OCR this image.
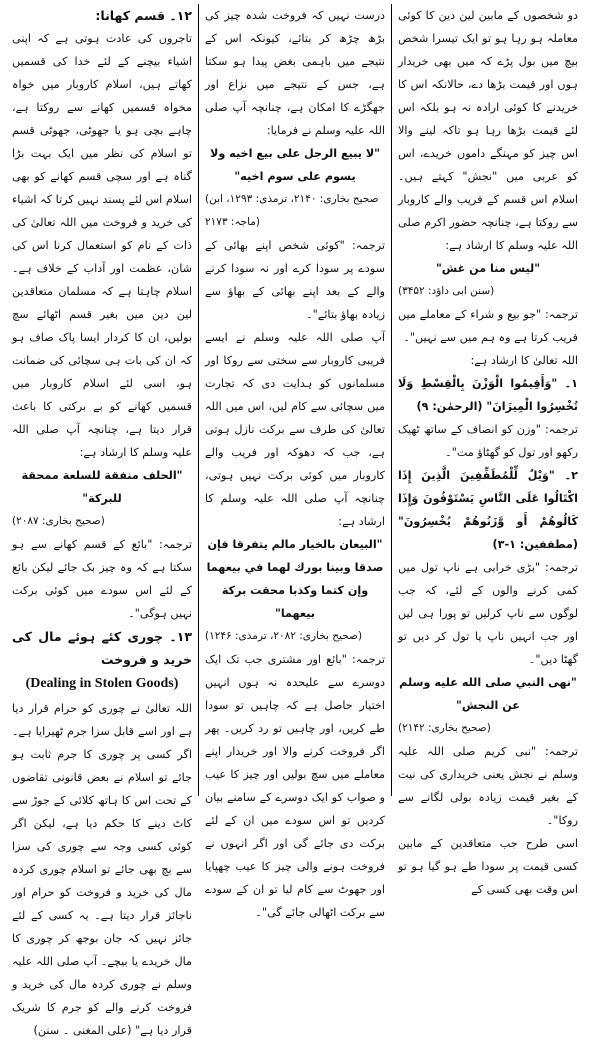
دو شخصوں کے مابین لین دین کا کوئی معاملہ ہو رہا ہو تو ایک تیسرا شخص بیچ میں بول پڑے کہ میں بھی خریدار ہوں اور قیمت بڑھا دے، حالانکہ اس کا خریدنے کا کوئی ارادہ نہ ہو بلکہ اس لئے قیمت بڑھا رہا ہو تاکہ لینے والا اس چیز کو مہنگے داموں خریدے، اس کو عربی میں "نجش" کہتے ہیں۔ اسلام اس قسم کے فریب والے کاروبار سے روکتا ہے، چنانچہ حضور اکرم صلی اللہ علیہ وسلم کا ارشاد ہے:

"لیس منا من غش"

(سنن ابی داؤد: ۳۴۵۲)

ترجمہ: "جو بیع و شراء کے معاملے میں فریب کرتا ہے وہ ہم میں سے نہیں"۔

اللہ تعالیٰ کا ارشاد ہے:

۱۔ "وَأَقِيمُوا الْوَزْنَ بِالْقِسْطِ وَلَا تُخْسِرُوا الْمِيزَانَ" (الرحمٰن: ۹)

ترجمہ: "وزن کو انصاف کے ساتھ ٹھیک رکھو اور تول کو گھٹاؤ مت"۔

۲۔ "وَيْلٌ لِّلْمُطَفِّفِينَ الَّذِينَ إِذَا اكْتَالُوا عَلَى النَّاسِ يَسْتَوْفُونَ وَإِذَا كَالُوهُمْ أَو وَّزَنُوهُمْ يُخْسِرُونَ" (مطففین: ۱-۳)

ترجمہ: "بڑی خرابی ہے ناپ تول میں کمی کرنے والوں کے لئے، کہ جب لوگوں سے ناپ کرلیں تو پورا ہی لیں اور جب انہیں ناپ یا تول کر دیں تو گھٹا دیں"۔

"نهى النبي صلى الله عليه وسلم عن النجش"

(صحیح بخاری: ۲۱۴۲)

ترجمہ: "نبی کریم صلی اللہ علیہ وسلم نے نجش یعنی خریداری کی نیت کے بغیر قیمت زیادہ بولی لگانے سے روکا"۔

اسی طرح جب متعاقدین کے مابین کسی قیمت پر سودا طے ہو گیا ہو تو اس وقت بھی کسی کے

درست نہیں کہ فروخت شدہ چیز کی بڑھ چڑھ کر بتائے، کیونکہ اس کے نتیجے میں باہمی بغض پیدا ہو سکتا ہے، جس کے نتیجے میں نزاع اور جھگڑے کا امکان ہے، چنانچہ آپ صلی اللہ علیہ وسلم نے فرمایا:

"لا يبيع الرجل على بيع اخيه ولا يسوم على سوم اخيه"

(صحیح بخاری: ۲۱۴۰، ترمذی: ۱۲۹۳، ابن ماجہ: ۲۱۷۳)

ترجمہ: "کوئی شخص اپنے بھائی کے سودے پر سودا کرے اور نہ سودا کرنے والے کے بعد اپنے بھائی کے بھاؤ سے زیادہ بھاؤ بتائے"۔

آپ صلی اللہ علیہ وسلم نے ایسے فریبی کاروبار سے سختی سے روکا اور مسلمانوں کو ہدایت دی کہ تجارت میں سچائی سے کام لیں، اس میں اللہ تعالیٰ کی طرف سے برکت نازل ہوتی ہے، جب کہ دھوکہ اور فریب والے کاروبار میں کوئی برکت نہیں ہوتی، چنانچہ آپ صلی اللہ علیہ وسلم کا ارشاد ہے:

"البيعان بالخيار مالم يتفرقا فإن صدقا وبينا بورك لهما في بيعهما وإن كتما وكذبا محقت بركة بيعهما"

(صحیح بخاری: ۲۰۸۲، ترمذی: ۱۲۴۶)

ترجمہ: "بائع اور مشتری جب تک ایک دوسرے سے علیحدہ نہ ہوں انہیں اختیار حاصل ہے کہ چاہیں تو سودا طے کریں، اور چاہیں تو رد کریں۔ پھر اگر فروخت کرنے والا اور خریدار اپنے معاملے میں سچ بولیں اور چیز کا عیب و صواب کو ایک دوسرے کے سامنے بیان کردیں تو اس سودے میں ان کے لئے برکت دی جائے گی اور اگر انہوں نے فروخت ہونے والی چیز کا عیب چھپایا اور جھوٹ سے کام لیا تو ان کے سودے سے برکت اٹھالی جائے گی"۔

۱۲۔ قسم کھانا:

تاجروں کی عادت ہوتی ہے کہ اپنی اشیاء بیچنے کے لئے خدا کی قسمیں کھاتے ہیں، اسلام کاروبار میں خواہ مخواہ قسمیں کھانے سے روکتا ہے، چاہے بچی ہو یا جھوٹی، جھوٹی قسم تو اسلام کی نظر میں ایک بہت بڑا گناہ ہے اور سچی قسم کھانے کو بھی اسلام اس لئے پسند نہیں کرتا کہ اشیاء کی خرید و فروخت میں اللہ تعالیٰ کی ذات کے نام کو استعمال کرنا اس کی شان، عظمت اور آداب کے خلاف ہے۔ اسلام چاہتا ہے کہ مسلمان متعاقدین لین دین میں بغیر قسم اٹھائے سچ بولیں، ان کا کردار ایسا پاک صاف ہو کہ ان کی بات ہی سچائی کی ضمانت ہو، اسی لئے اسلام کاروبار میں قسمیں کھانے کو بے برکتی کا باعث قرار دیتا ہے، چنانچہ آپ صلی اللہ علیہ وسلم کا ارشاد ہے:

"الحلف منفقة للسلعة ممحقة للبركة"

(صحیح بخاری: ۲۰۸۷)

ترجمہ: "بائع کے قسم کھانے سے ہو سکتا ہے کہ وہ چیز بک جائے لیکن بائع کے لئے اس سودے میں کوئی برکت نہیں ہوگی"۔

۱۳۔ چوری کئے ہوئے مال کی خرید و فروخت

(Dealing in Stolen Goods)

اللہ تعالیٰ نے چوری کو حرام قرار دیا ہے اور اسے قابل سزا جرم ٹھیرایا ہے۔ اگر کسی پر چوری کا جرم ثابت ہو جائے تو اسلام نے بعض قانونی تقاضوں کے تحت اس کا ہاتھ کلائی کے جوڑ سے کاٹ دینے کا حکم دیا ہے، لیکن اگر کوئی کسی وجہ سے چوری کی سزا سے بچ بھی جائے تو اسلام چوری کردہ مال کی خرید و فروخت کو حرام اور ناجائز قرار دیتا ہے۔ یہ کسی کے لئے جائز نہیں کہ جان بوجھ کر چوری کا مال خریدے یا بیچے۔ آپ صلی اللہ علیہ وسلم نے چوری کردہ مال کی خرید و فروخت کرنے والے کو جرم کا شریک قرار دیا ہے" (علی المغنی ۔ سنن)
